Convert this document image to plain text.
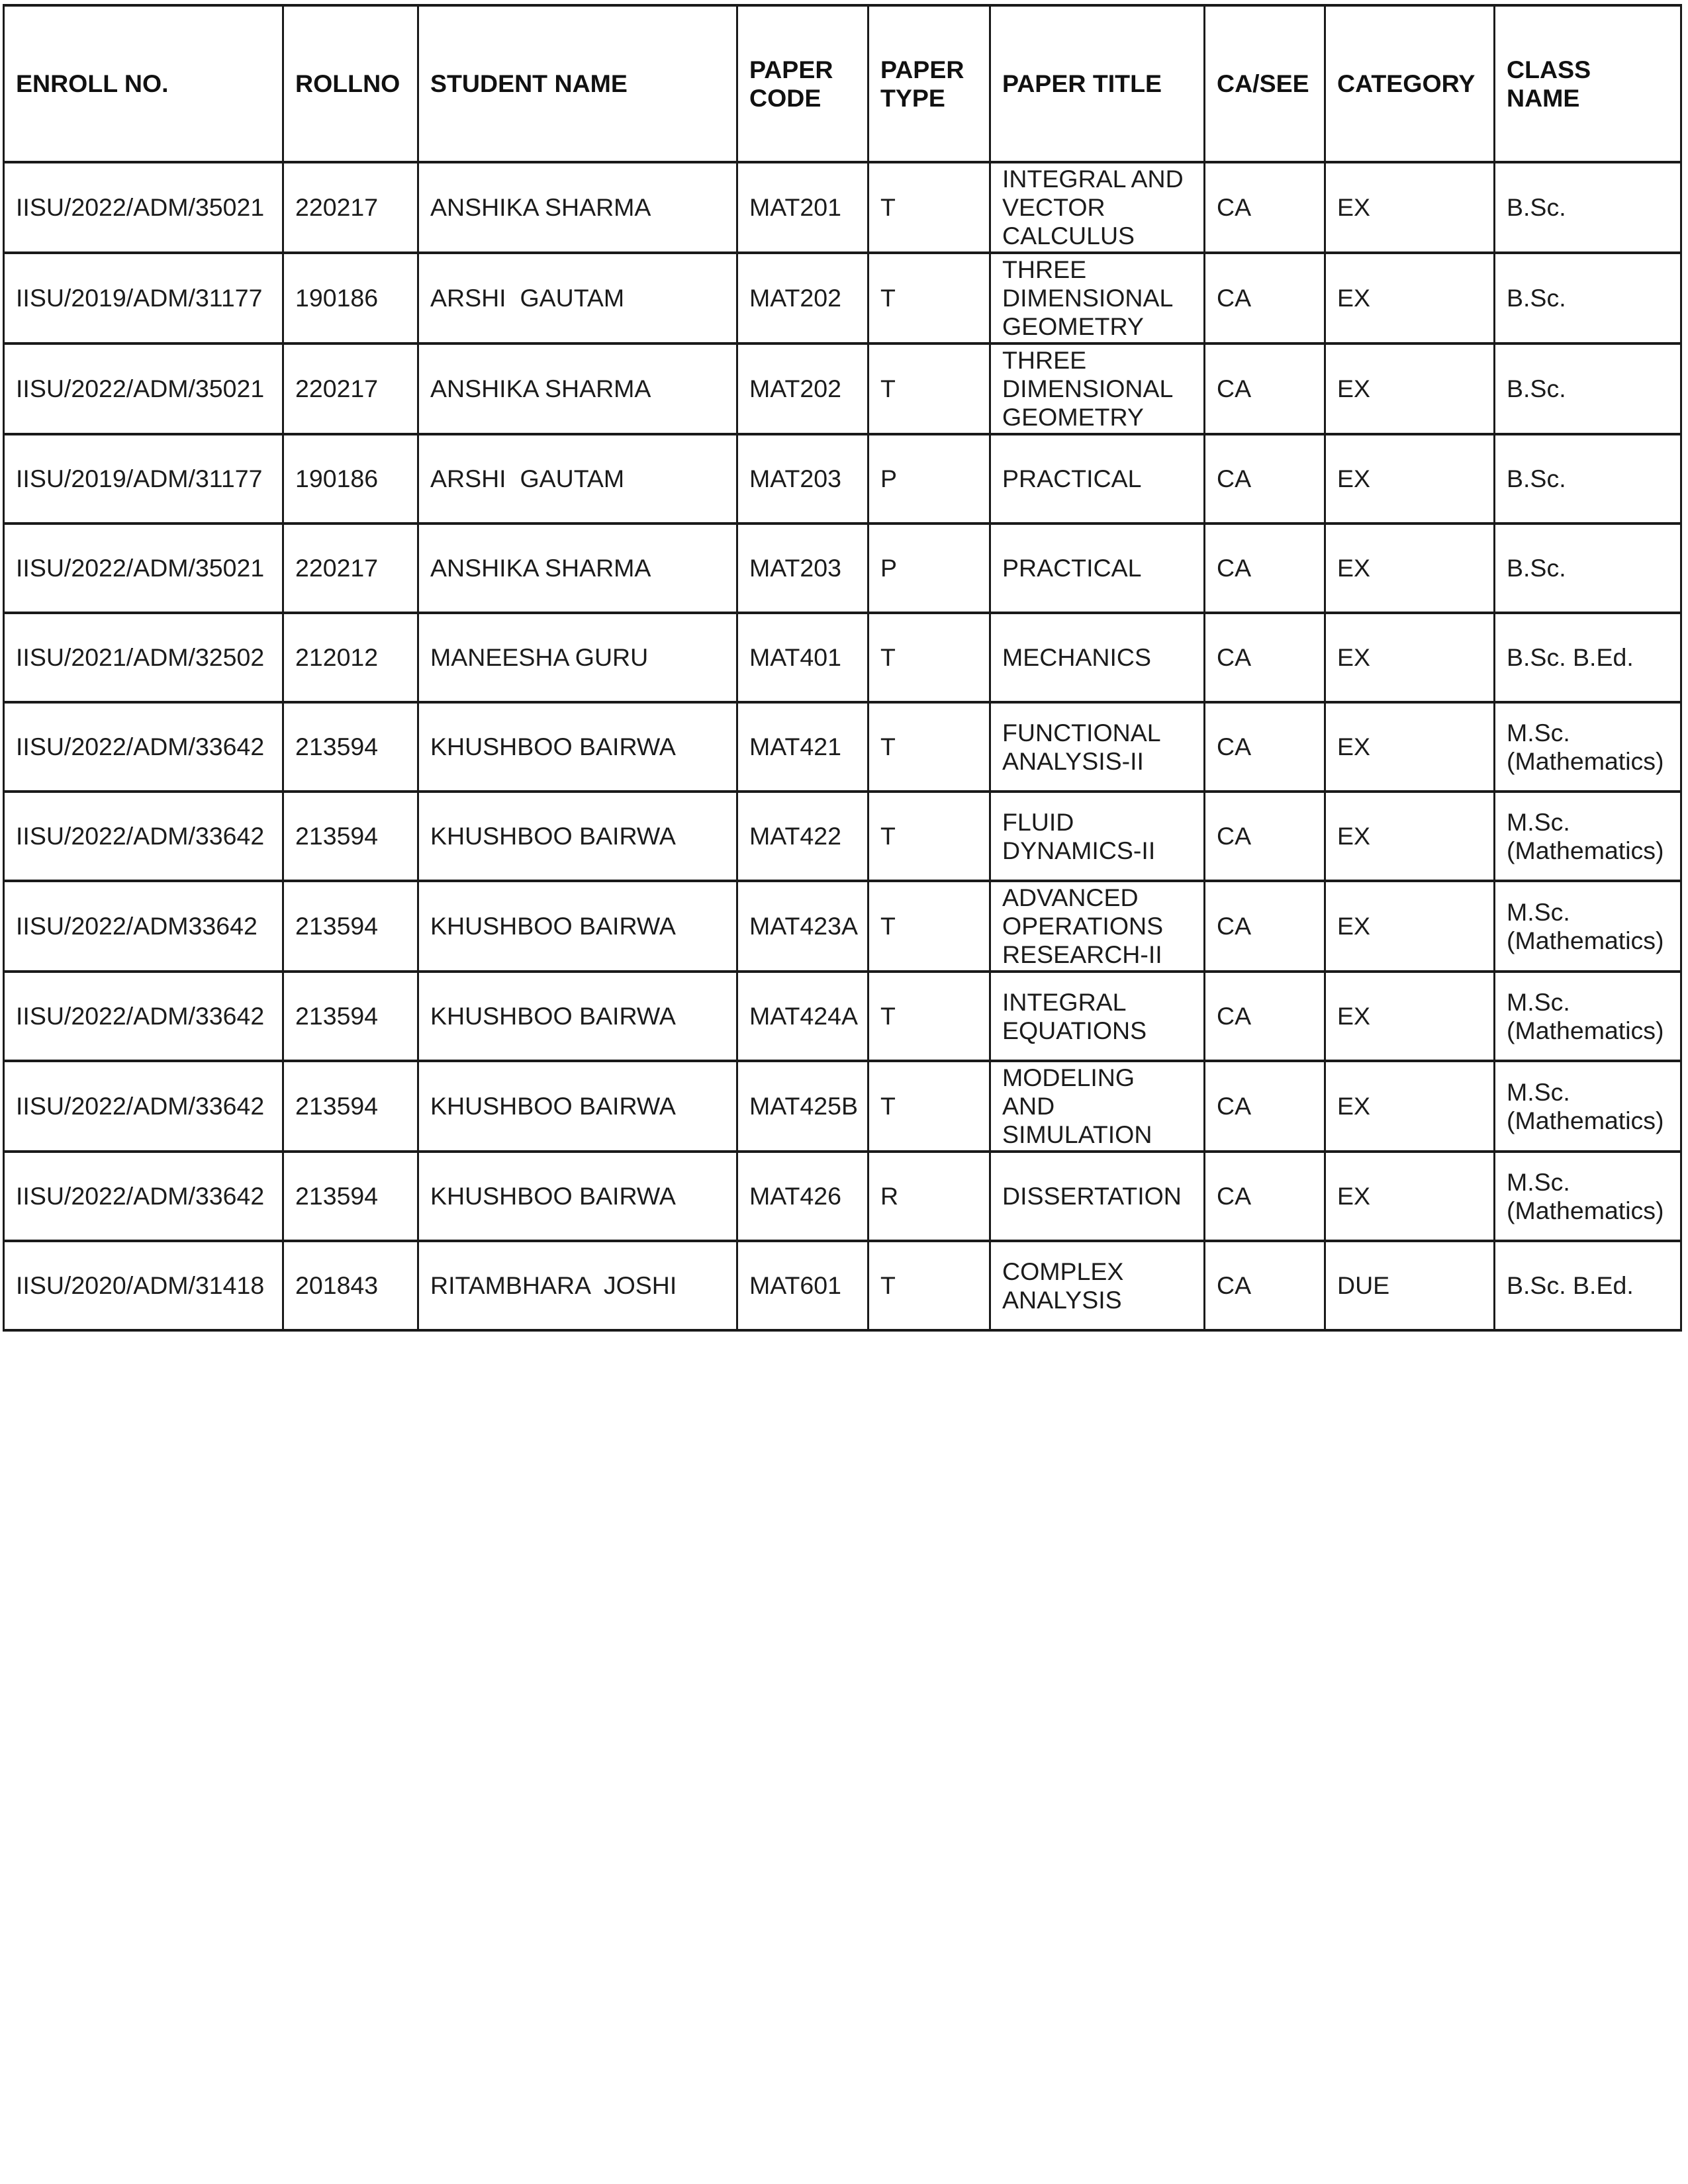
ENROLL NO.	ROLLNO	STUDENT NAME	PAPER CODE	PAPER TYPE	PAPER TITLE	CA/SEE	CATEGORY	CLASS NAME
IISU/2022/ADM/35021	220217	ANSHIKA SHARMA	MAT201	T	INTEGRAL AND VECTOR CALCULUS	CA	EX	B.Sc.
IISU/2019/ADM/31177	190186	ARSHI  GAUTAM	MAT202	T	THREE DIMENSIONAL GEOMETRY	CA	EX	B.Sc.
IISU/2022/ADM/35021	220217	ANSHIKA SHARMA	MAT202	T	THREE DIMENSIONAL GEOMETRY	CA	EX	B.Sc.
IISU/2019/ADM/31177	190186	ARSHI  GAUTAM	MAT203	P	PRACTICAL	CA	EX	B.Sc.
IISU/2022/ADM/35021	220217	ANSHIKA SHARMA	MAT203	P	PRACTICAL	CA	EX	B.Sc.
IISU/2021/ADM/32502	212012	MANEESHA GURU	MAT401	T	MECHANICS	CA	EX	B.Sc. B.Ed.
IISU/2022/ADM/33642	213594	KHUSHBOO BAIRWA	MAT421	T	FUNCTIONAL ANALYSIS-II	CA	EX	M.Sc. (Mathematics)
IISU/2022/ADM/33642	213594	KHUSHBOO BAIRWA	MAT422	T	FLUID DYNAMICS-II	CA	EX	M.Sc. (Mathematics)
IISU/2022/ADM33642	213594	KHUSHBOO BAIRWA	MAT423A	T	ADVANCED OPERATIONS RESEARCH-II	CA	EX	M.Sc. (Mathematics)
IISU/2022/ADM/33642	213594	KHUSHBOO BAIRWA	MAT424A	T	INTEGRAL EQUATIONS	CA	EX	M.Sc. (Mathematics)
IISU/2022/ADM/33642	213594	KHUSHBOO BAIRWA	MAT425B	T	MODELING AND SIMULATION	CA	EX	M.Sc. (Mathematics)
IISU/2022/ADM/33642	213594	KHUSHBOO BAIRWA	MAT426	R	DISSERTATION	CA	EX	M.Sc. (Mathematics)
IISU/2020/ADM/31418	201843	RITAMBHARA  JOSHI	MAT601	T	COMPLEX ANALYSIS	CA	DUE	B.Sc. B.Ed.
